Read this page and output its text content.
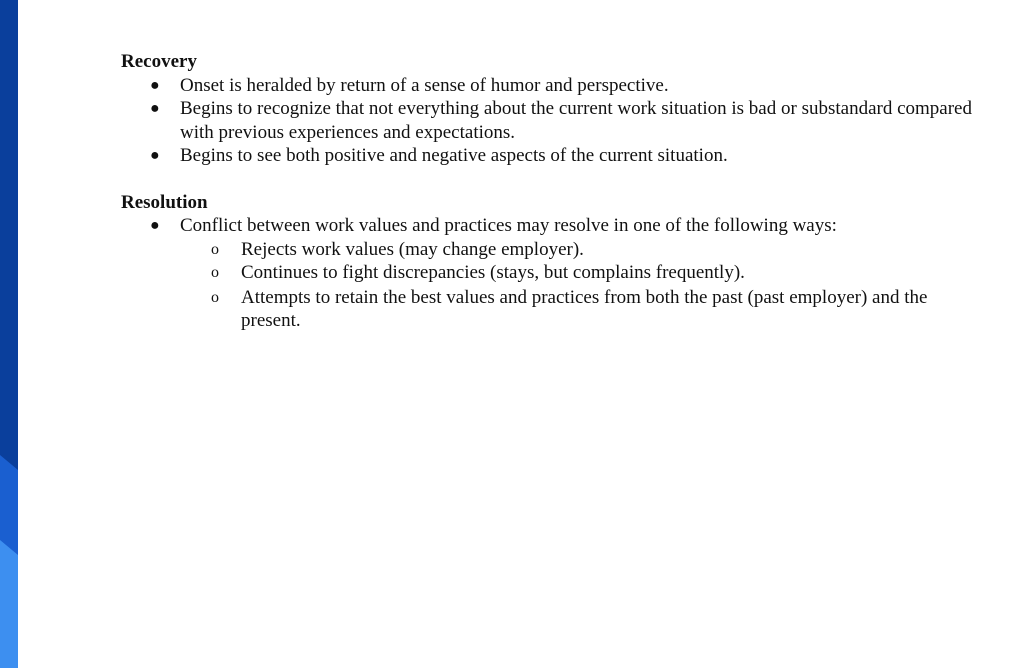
Recovery

● Onset is heralded by return of a sense of humor and perspective.
● Begins to recognize that not everything about the current work situation is bad or substandard compared with previous experiences and expectations.
● Begins to see both positive and negative aspects of the current situation.

Resolution

● Conflict between work values and practices may resolve in one of the following ways:
o Rejects work values (may change employer).
o Continues to fight discrepancies (stays, but complains frequently).
o Attempts to retain the best values and practices from both the past (past employer) and the present.
